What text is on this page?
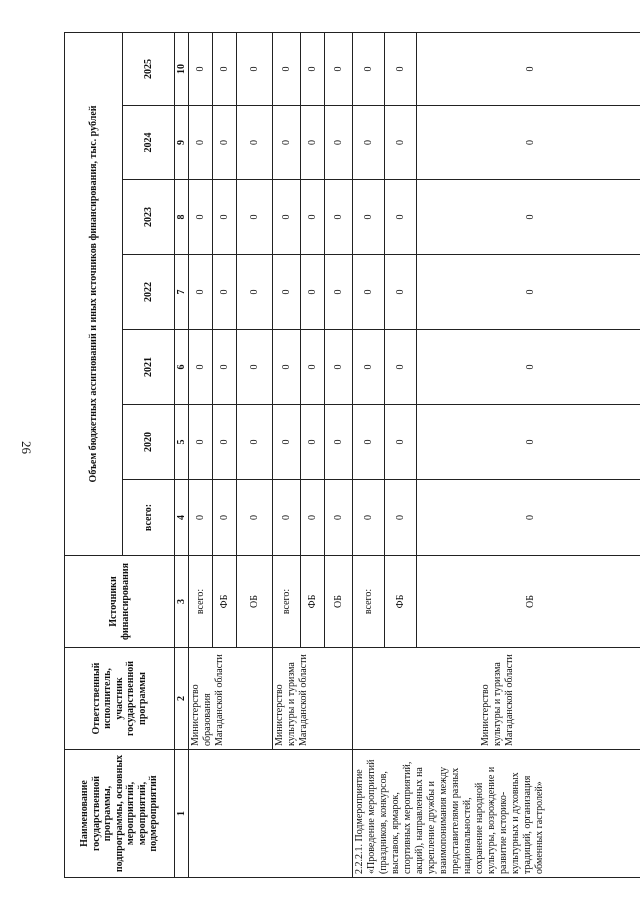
26
Наименование государственной программы, подпрограммы, основных мероприятий, мероприятий, подмероприятий	Ответственный исполнитель, участник государственной программы	Источники финансирования	Объем бюджетных ассигнований и иных источников финансирования, тыс. рублей						
			всего:	2020	2021	2022	2023	2024	2025
1	2	3	4	5	6	7	8	9	10
	Министерство образования Магаданской области	всего:	0	0	0	0	0	0	0
		ФБ	0	0	0	0	0	0	0
		ОБ	0	0	0	0	0	0	0
	Министерство культуры и туризма Магаданской области	всего:	0	0	0	0	0	0	0
		ФБ	0	0	0	0	0	0	0
		ОБ	0	0	0	0	0	0	0
2.2.2.1. Подмероприятие «Проведение мероприятий (праздников, конкурсов, выставок, ярмарок, спортивных мероприятий, акций), направленных на укрепление дружбы и взаимопонимания между представителями разных национальностей, сохранение народной культуры, возрождение и развитие историко-культурных и духовных традиций, организация обменных гастролей»	Министерство культуры и туризма Магаданской области	всего:	0	0	0	0	0	0	0
		ФБ	0	0	0	0	0	0	0
		ОБ	0	0	0	0	0	0	0
